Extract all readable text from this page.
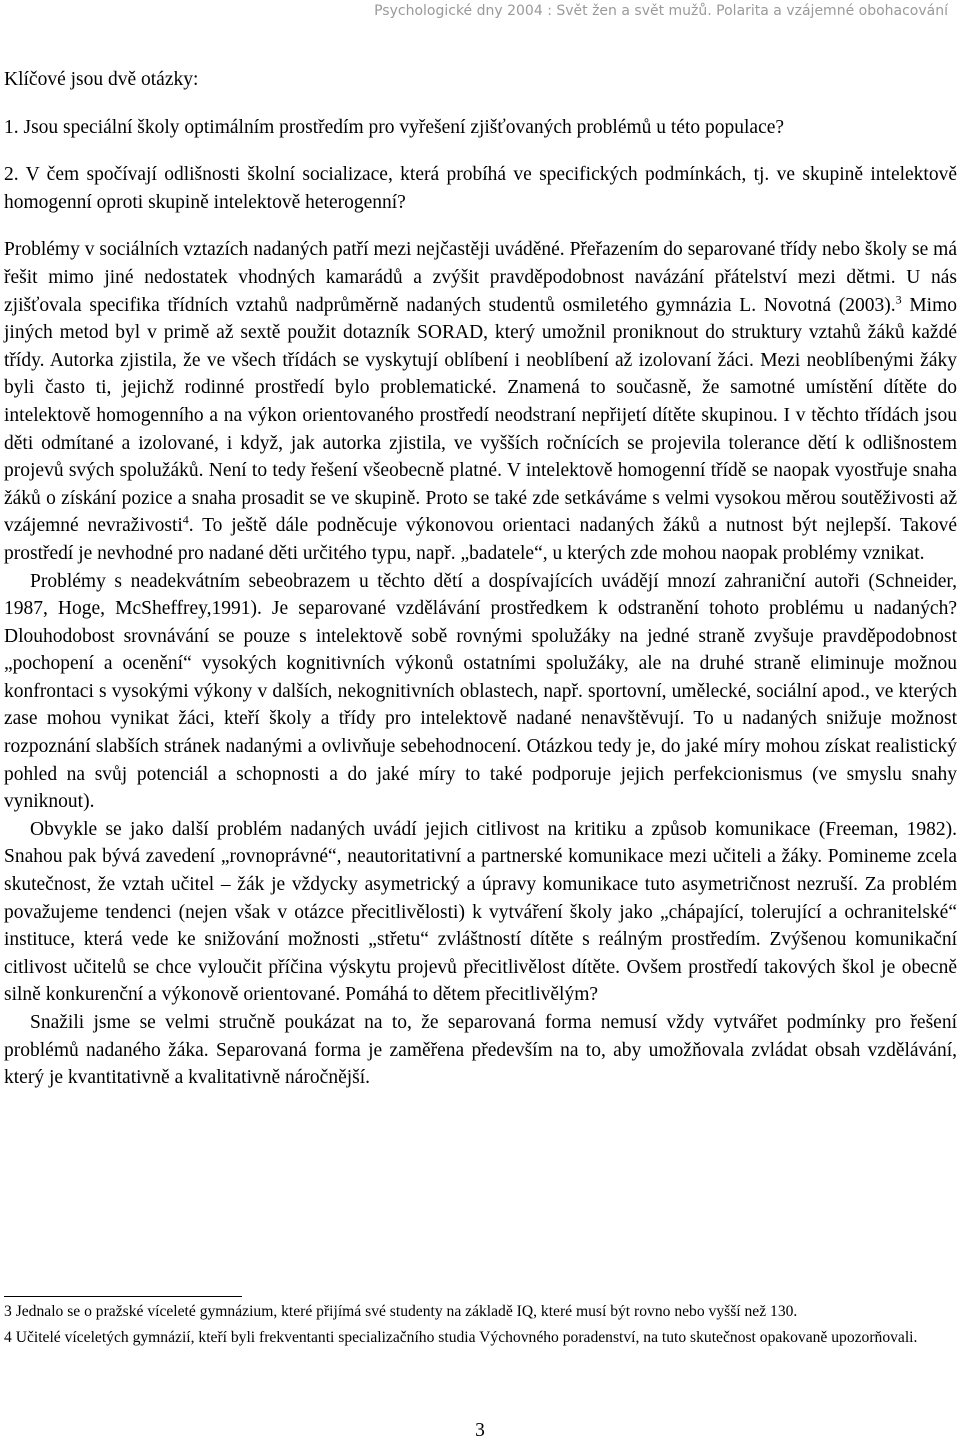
Psychologické dny 2004 : Svět žen a svět mužů. Polarita a vzájemné obohacování

Klíčové jsou dvě otázky:

1. Jsou speciální školy optimálním prostředím pro vyřešení zjišťovaných problémů u této populace?

2. V čem spočívají odlišnosti školní socializace, která probíhá ve specifických podmínkách, tj. ve skupině intelektově homogenní oproti skupině intelektově heterogenní?

Problémy v sociálních vztazích nadaných patří mezi nejčastěji uváděné. Přeřazením do separované třídy nebo školy se má řešit mimo jiné nedostatek vhodných kamarádů a zvýšit pravděpodobnost navázání přátelství mezi dětmi. U nás zjišťovala specifika třídních vztahů nadprůměrně nadaných studentů osmiletého gymnázia L. Novotná (2003).$^3$ Mimo jiných metod byl v primě až sextě použit dotazník SORAD, který umožnil proniknout do struktury vztahů žáků každé třídy. Autorka zjistila, že ve všech třídách se vyskytují oblíbení i neoblíbení až izolovaní žáci. Mezi neoblíbenými žáky byli často ti, jejichž rodinné prostředí bylo problematické. Znamená to současně, že samotné umístění dítěte do intelektově homogenního a na výkon orientovaného prostředí neodstraní nepřijetí dítěte skupinou. I v těchto třídách jsou děti odmítané a izolované, i když, jak autorka zjistila, ve vyšších ročnících se projevila tolerance dětí k odlišnostem projevů svých spolužáků. Není to tedy řešení všeobecně platné. V intelektově homogenní třídě se naopak vyostřuje snaha žáků o získání pozice a snaha prosadit se ve skupině. Proto se také zde setkáváme s velmi vysokou měrou soutěživosti až vzájemné nevraživosti$^4$. To ještě dále podněcuje výkonovou orientaci nadaných žáků a nutnost být nejlepší. Takové prostředí je nevhodné pro nadané děti určitého typu, např. „badatele“, u kterých zde mohou naopak problémy vznikat.

Problémy s neadekvátním sebeobrazem u těchto dětí a dospívajících uvádějí mnozí zahraniční autoři (Schneider, 1987, Hoge, McSheffrey,1991). Je separované vzdělávání prostředkem k odstranění tohoto problému u nadaných? Dlouhodobost srovnávání se pouze s intelektově sobě rovnými spolužáky na jedné straně zvyšuje pravděpodobnost „pochopení a ocenění“ vysokých kognitivních výkonů ostatními spolužáky, ale na druhé straně eliminuje možnou konfrontaci s vysokými výkony v dalších, nekognitivních oblastech, např. sportovní, umělecké, sociální apod., ve kterých zase mohou vynikat žáci, kteří školy a třídy pro intelektově nadané nenavštěvují. To u nadaných snižuje možnost rozpoznání slabších stránek nadanými a ovlivňuje sebehodnocení. Otázkou tedy je, do jaké míry mohou získat realistický pohled na svůj potenciál a schopnosti a do jaké míry to také podporuje jejich perfekcionismus (ve smyslu snahy vyniknout).

Obvykle se jako další problém nadaných uvádí jejich citlivost na kritiku a způsob komunikace (Freeman, 1982). Snahou pak bývá zavedení „rovnoprávné“, neautoritativní a partnerské komunikace mezi učiteli a žáky. Pomineme zcela skutečnost, že vztah učitel – žák je vždycky asymetrický a úpravy komunikace tuto asymetričnost nezruší. Za problém považujeme tendenci (nejen však v otázce přecitlivělosti) k vytváření školy jako „chápající, tolerující a ochranitelské“ instituce, která vede ke snižování možnosti „střetu“ zvláštností dítěte s reálným prostředím. Zvýšenou komunikační citlivost učitelů se chce vyloučit příčina výskytu projevů přecitlivělost dítěte. Ovšem prostředí takových škol je obecně silně konkurenční a výkonově orientované. Pomáhá to dětem přecitlivělým?

Snažili jsme se velmi stručně poukázat na to, že separovaná forma nemusí vždy vytvářet podmínky pro řešení problémů nadaného žáka. Separovaná forma je zaměřena především na to, aby umožňovala zvládat obsah vzdělávání, který je kvantitativně a kvalitativně náročnější.

3 Jednalo se o pražské víceleté gymnázium, které přijímá své studenty na základě IQ, které musí být rovno nebo vyšší než 130.

4 Učitelé víceletých gymnázií, kteří byli frekventanti specializačního studia Výchovného poradenství, na tuto skutečnost opakovaně upozorňovali.

3
